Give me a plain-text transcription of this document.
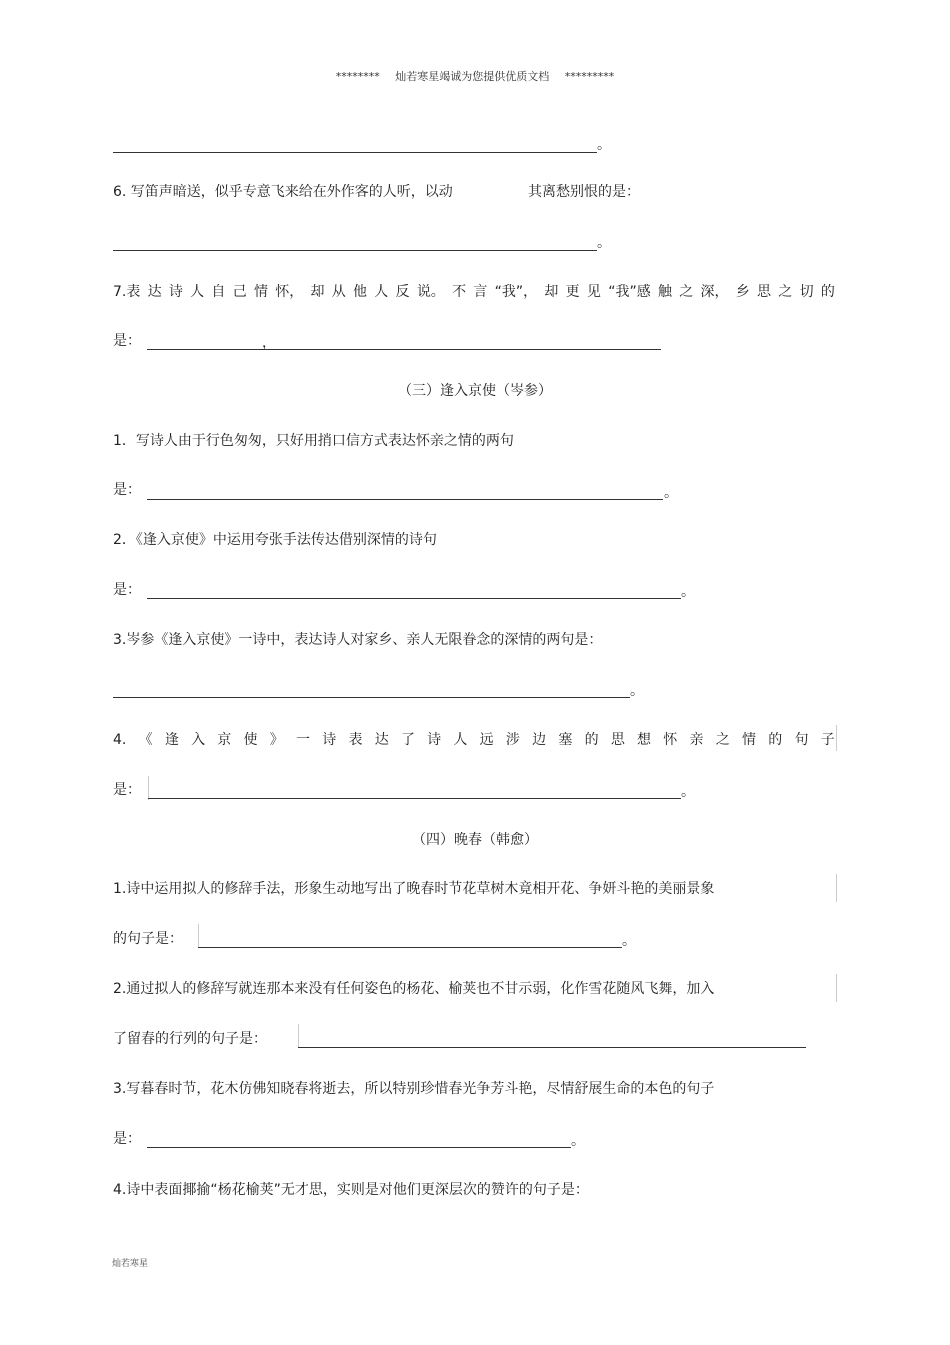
******** 灿若寒星竭诚为您提供优质文档 *********
。
6. 写笛声暗送，似乎专意飞来给在外作客的人听，以动	其离愁别恨的是：
。
7.表 达 诗 人 自 己 情 怀， 却 从 他 人 反 说。 不 言 “我”， 却 更 见 “我”感 触 之 深， 乡 思 之 切 的
是：	，
（三）逢入京使（岑参）
1．写诗人由于行色匆匆，只好用捎口信方式表达怀亲之情的两句
是：	。
2．《逢入京使》中运用夸张手法传达借别深情的诗句
是：	。
3.岑参《逢入京使》一诗中，表达诗人对家乡、亲人无限眷念的深情的两句是：
。
4. 《 逢 入 京 使 》 一 诗 表 达 了 诗 人 远 涉 边 塞 的 思 想 怀 亲 之 情 的 句 子
是：	。
（四）晚春（韩愈）
1.诗中运用拟人的修辞手法，形象生动地写出了晚春时节花草树木竟相开花、争妍斗艳的美丽景象
的句子是：	。
2.通过拟人的修辞写就连那本来没有任何姿色的杨花、榆荚也不甘示弱，化作雪花随风飞舞，加入
了留春的行列的句子是：
3.写暮春时节，花木仿佛知晓春将逝去，所以特别珍惜春光争芳斗艳，尽情舒展生命的本色的句子
是：	。
4.诗中表面揶揄“杨花榆荚”无才思，实则是对他们更深层次的赞许的句子是：
灿若寒星
